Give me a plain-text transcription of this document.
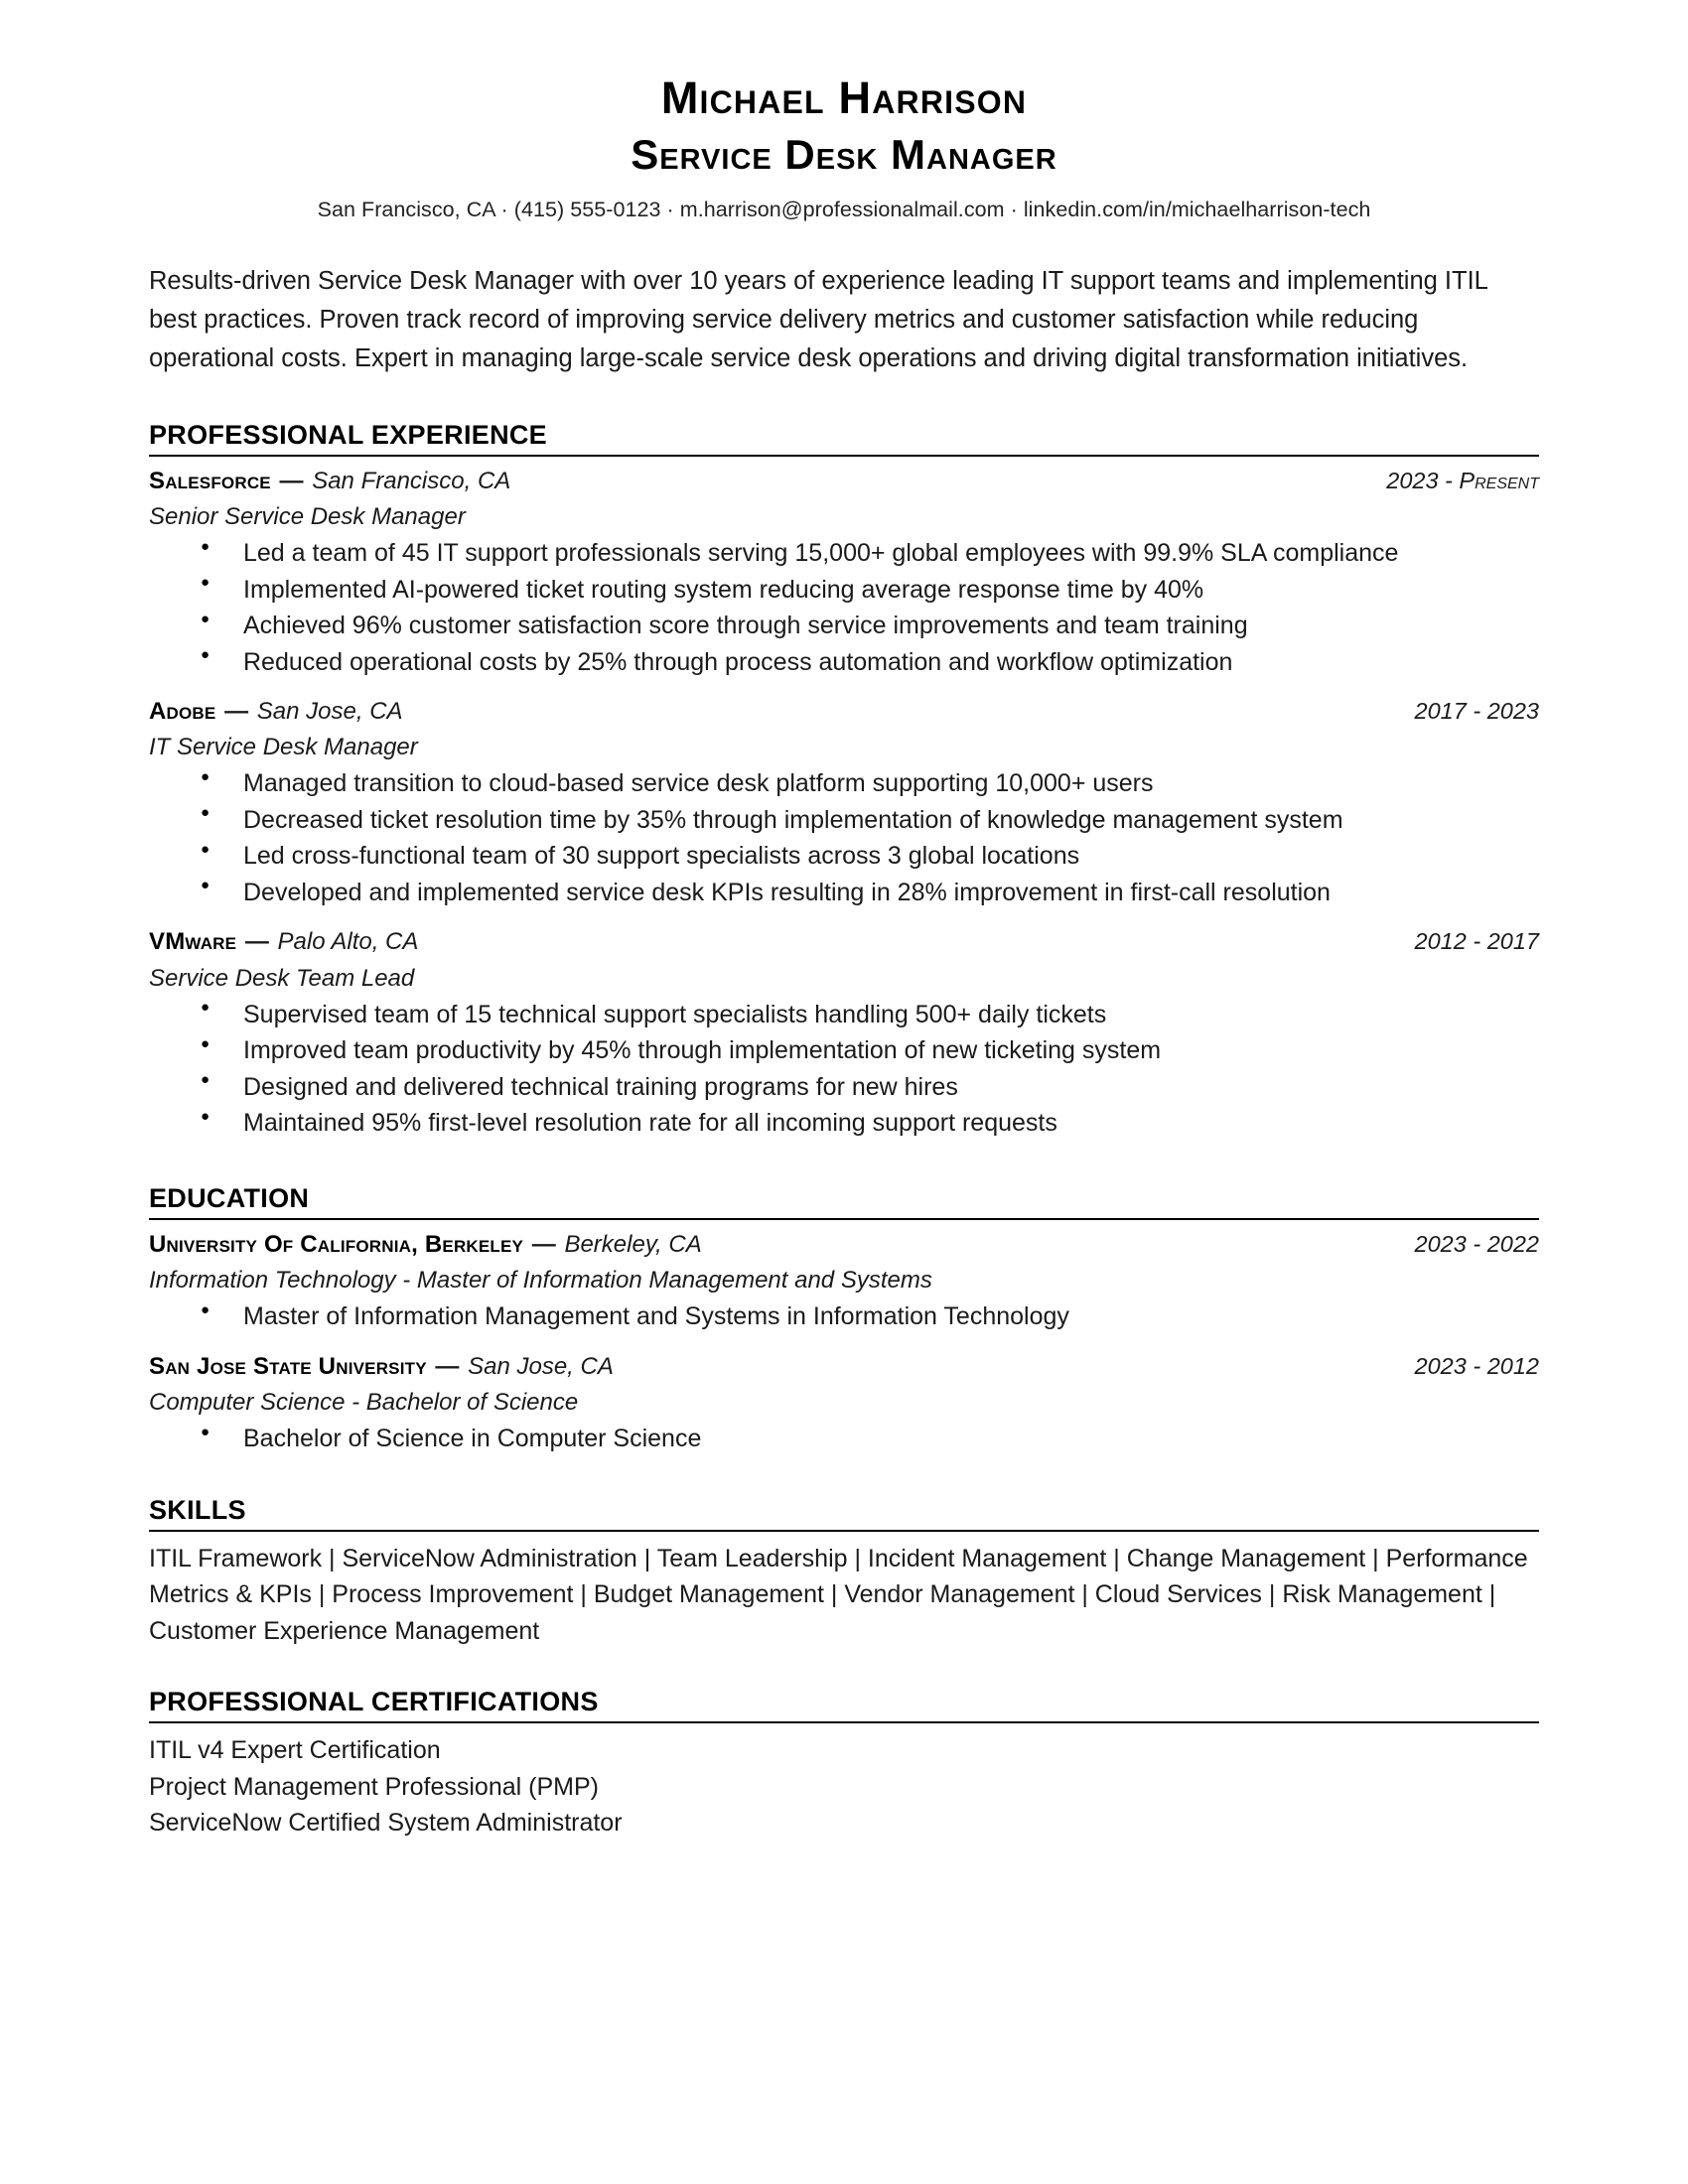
Michael Harrison
Service Desk Manager
San Francisco, CA · (415) 555-0123 · m.harrison@professionalmail.com · linkedin.com/in/michaelharrison-tech
Results-driven Service Desk Manager with over 10 years of experience leading IT support teams and implementing ITIL best practices. Proven track record of improving service delivery metrics and customer satisfaction while reducing operational costs. Expert in managing large-scale service desk operations and driving digital transformation initiatives.
PROFESSIONAL EXPERIENCE
Salesforce — San Francisco, CA	2023 - Present
Senior Service Desk Manager
● Led a team of 45 IT support professionals serving 15,000+ global employees with 99.9% SLA compliance
● Implemented AI-powered ticket routing system reducing average response time by 40%
● Achieved 96% customer satisfaction score through service improvements and team training
● Reduced operational costs by 25% through process automation and workflow optimization
Adobe — San Jose, CA	2017 - 2023
IT Service Desk Manager
● Managed transition to cloud-based service desk platform supporting 10,000+ users
● Decreased ticket resolution time by 35% through implementation of knowledge management system
● Led cross-functional team of 30 support specialists across 3 global locations
● Developed and implemented service desk KPIs resulting in 28% improvement in first-call resolution
VMware — Palo Alto, CA	2012 - 2017
Service Desk Team Lead
● Supervised team of 15 technical support specialists handling 500+ daily tickets
● Improved team productivity by 45% through implementation of new ticketing system
● Designed and delivered technical training programs for new hires
● Maintained 95% first-level resolution rate for all incoming support requests
EDUCATION
University Of California, Berkeley — Berkeley, CA	2023 - 2022
Information Technology - Master of Information Management and Systems
● Master of Information Management and Systems in Information Technology
San Jose State University — San Jose, CA	2023 - 2012
Computer Science - Bachelor of Science
● Bachelor of Science in Computer Science
SKILLS
ITIL Framework | ServiceNow Administration | Team Leadership | Incident Management | Change Management | Performance Metrics & KPIs | Process Improvement | Budget Management | Vendor Management | Cloud Services | Risk Management | Customer Experience Management
PROFESSIONAL CERTIFICATIONS
ITIL v4 Expert Certification
Project Management Professional (PMP)
ServiceNow Certified System Administrator
